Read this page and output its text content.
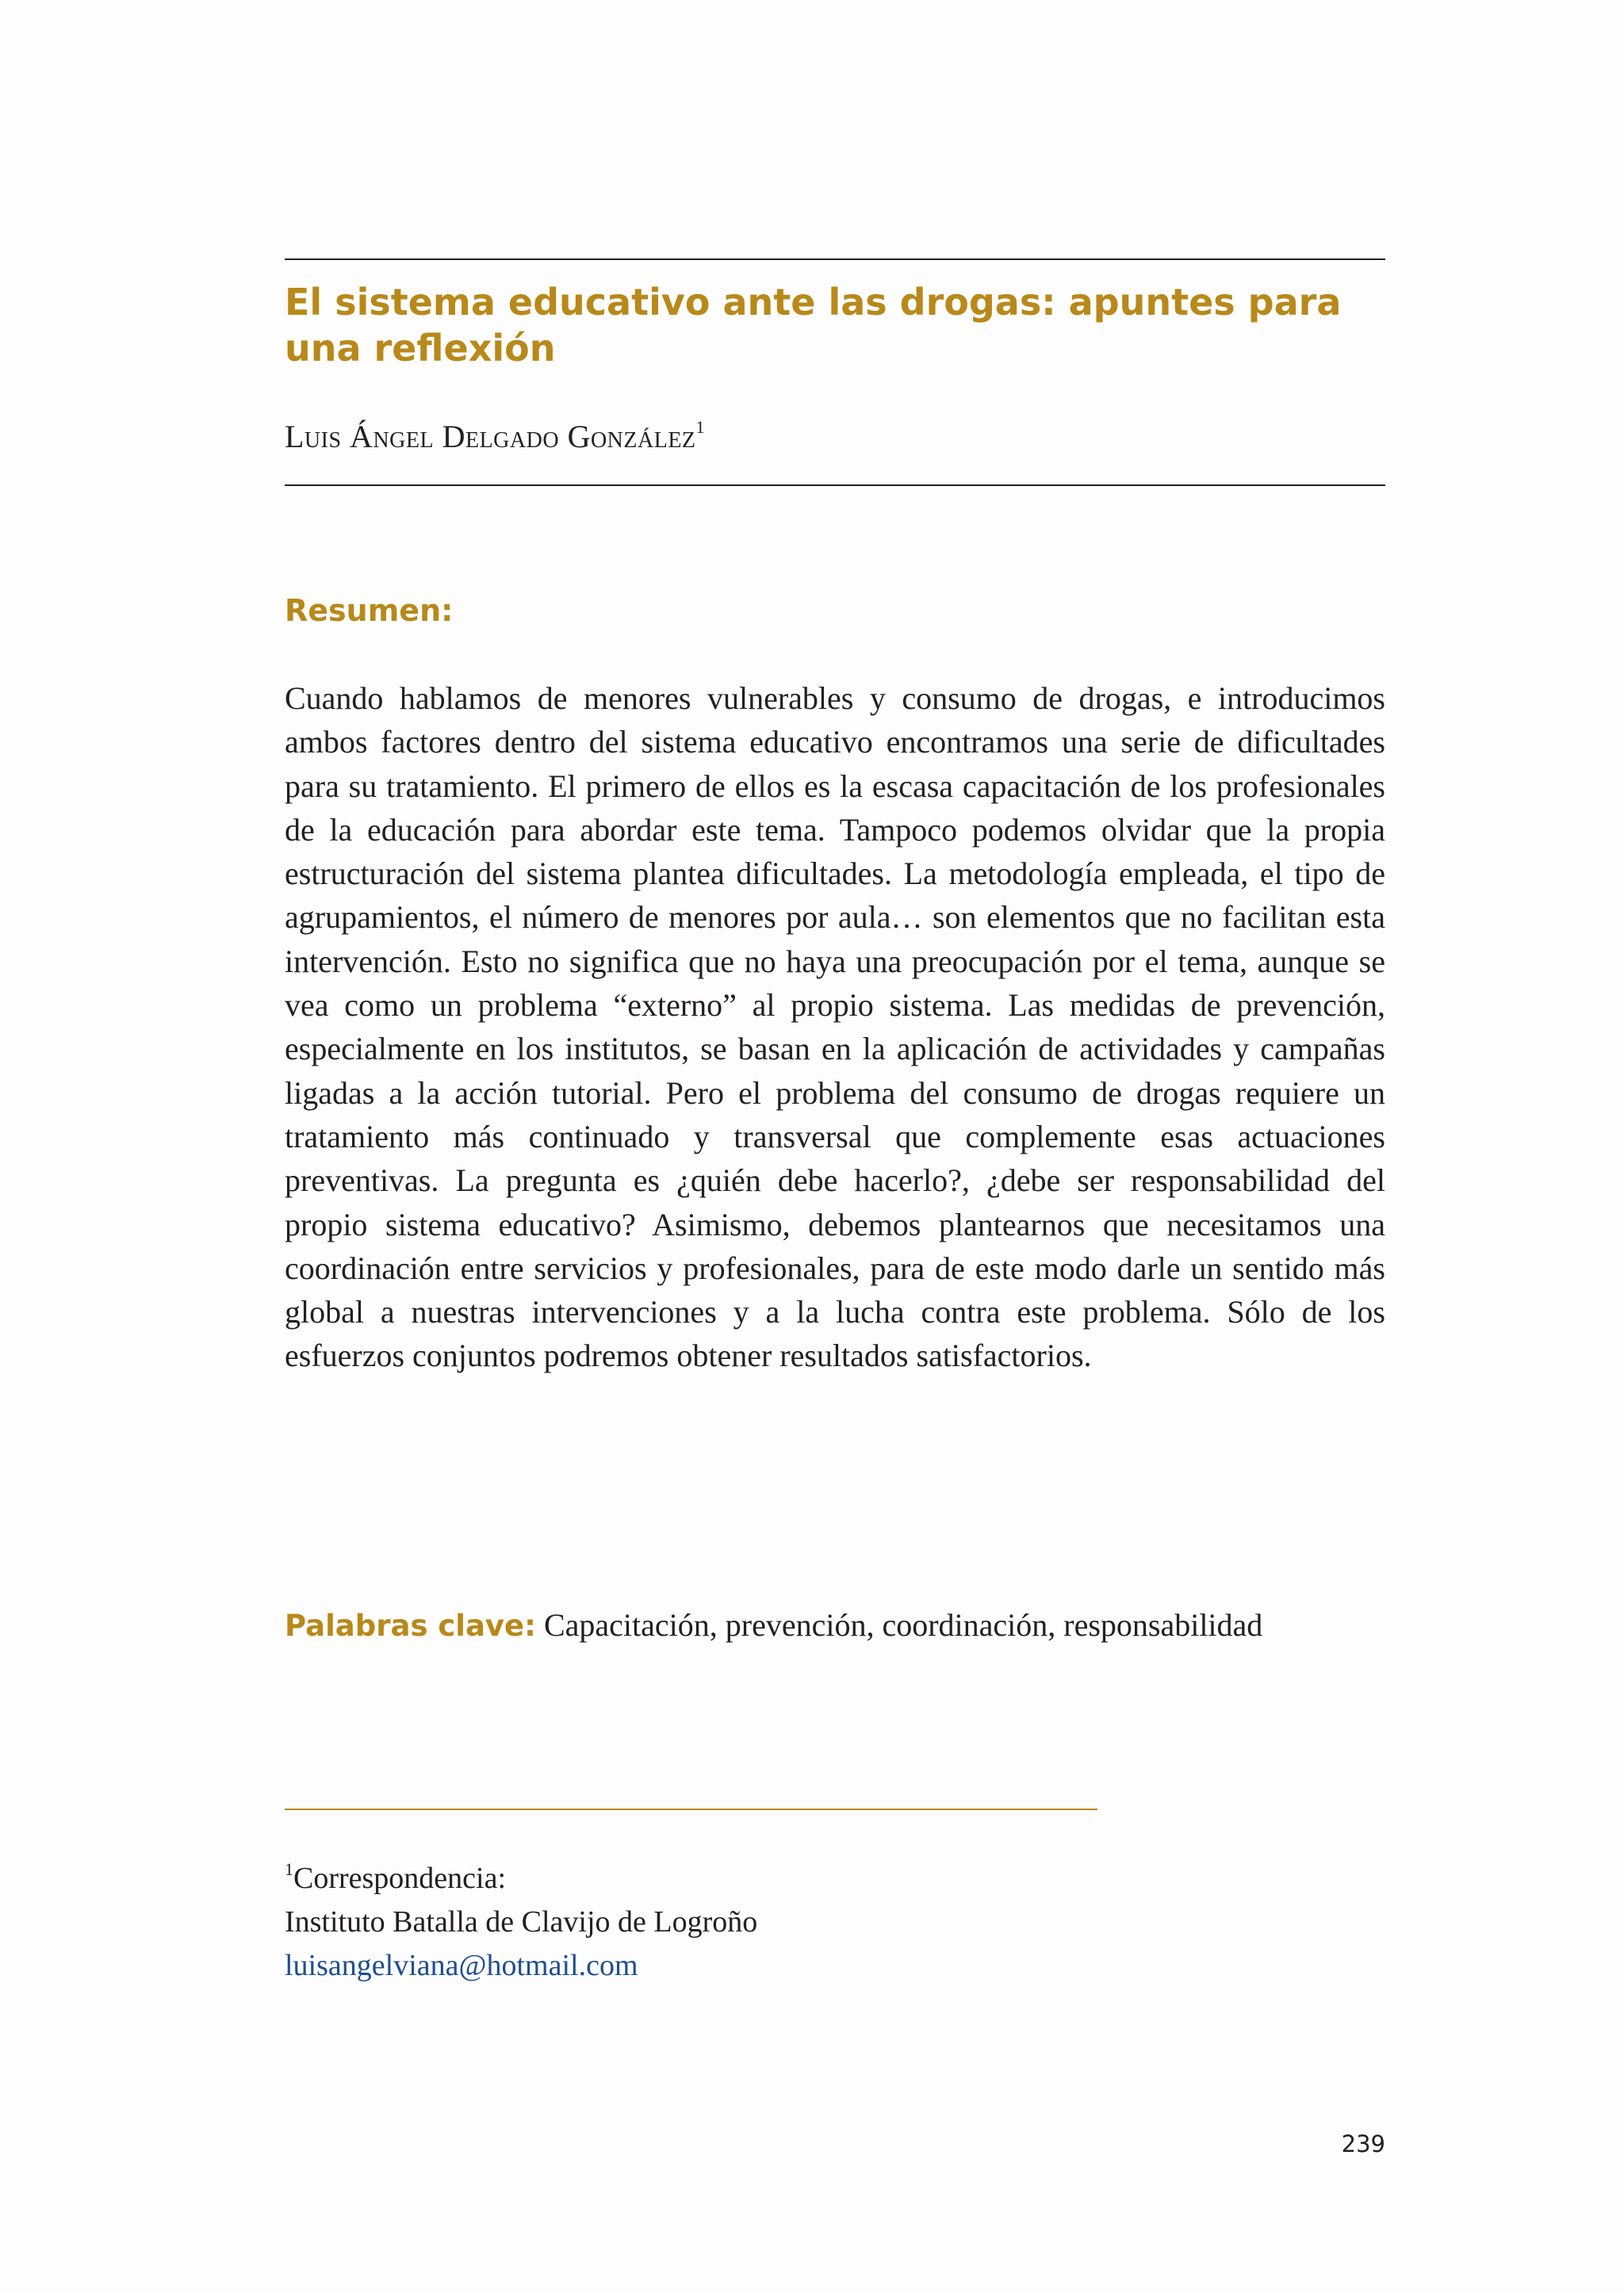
El sistema educativo ante las drogas: apuntes para una reflexión

Luis Ángel Delgado González$^1$

Resumen:

Cuando hablamos de menores vulnerables y consumo de drogas, e introducimos ambos factores dentro del sistema educativo encontramos una serie de dificultades para su tratamiento. El primero de ellos es la escasa capacitación de los profesionales de la educación para abordar este tema. Tampoco podemos olvidar que la propia estructuración del sistema plantea dificultades. La metodología empleada, el tipo de agrupamientos, el número de menores por aula… son elementos que no facilitan esta intervención. Esto no significa que no haya una preocupación por el tema, aunque se vea como un problema “externo” al propio sistema. Las medidas de prevención, especialmente en los institutos, se basan en la aplicación de actividades y campañas ligadas a la acción tutorial. Pero el problema del consumo de drogas requiere un tratamiento más continuado y transversal que complemente esas actuaciones preventivas. La pregunta es ¿quién debe hacerlo?, ¿debe ser responsabilidad del propio sistema educativo? Asimismo, debemos plantearnos que necesitamos una coordinación entre servicios y profesionales, para de este modo darle un sentido más global a nuestras intervenciones y a la lucha contra este problema. Sólo de los esfuerzos conjuntos podremos obtener resultados satisfactorios.

Palabras clave: Capacitación, prevención, coordinación, responsabilidad

$^1$Correspondencia:
Instituto Batalla de Clavijo de Logroño
luisangelviana@hotmail.com

239
